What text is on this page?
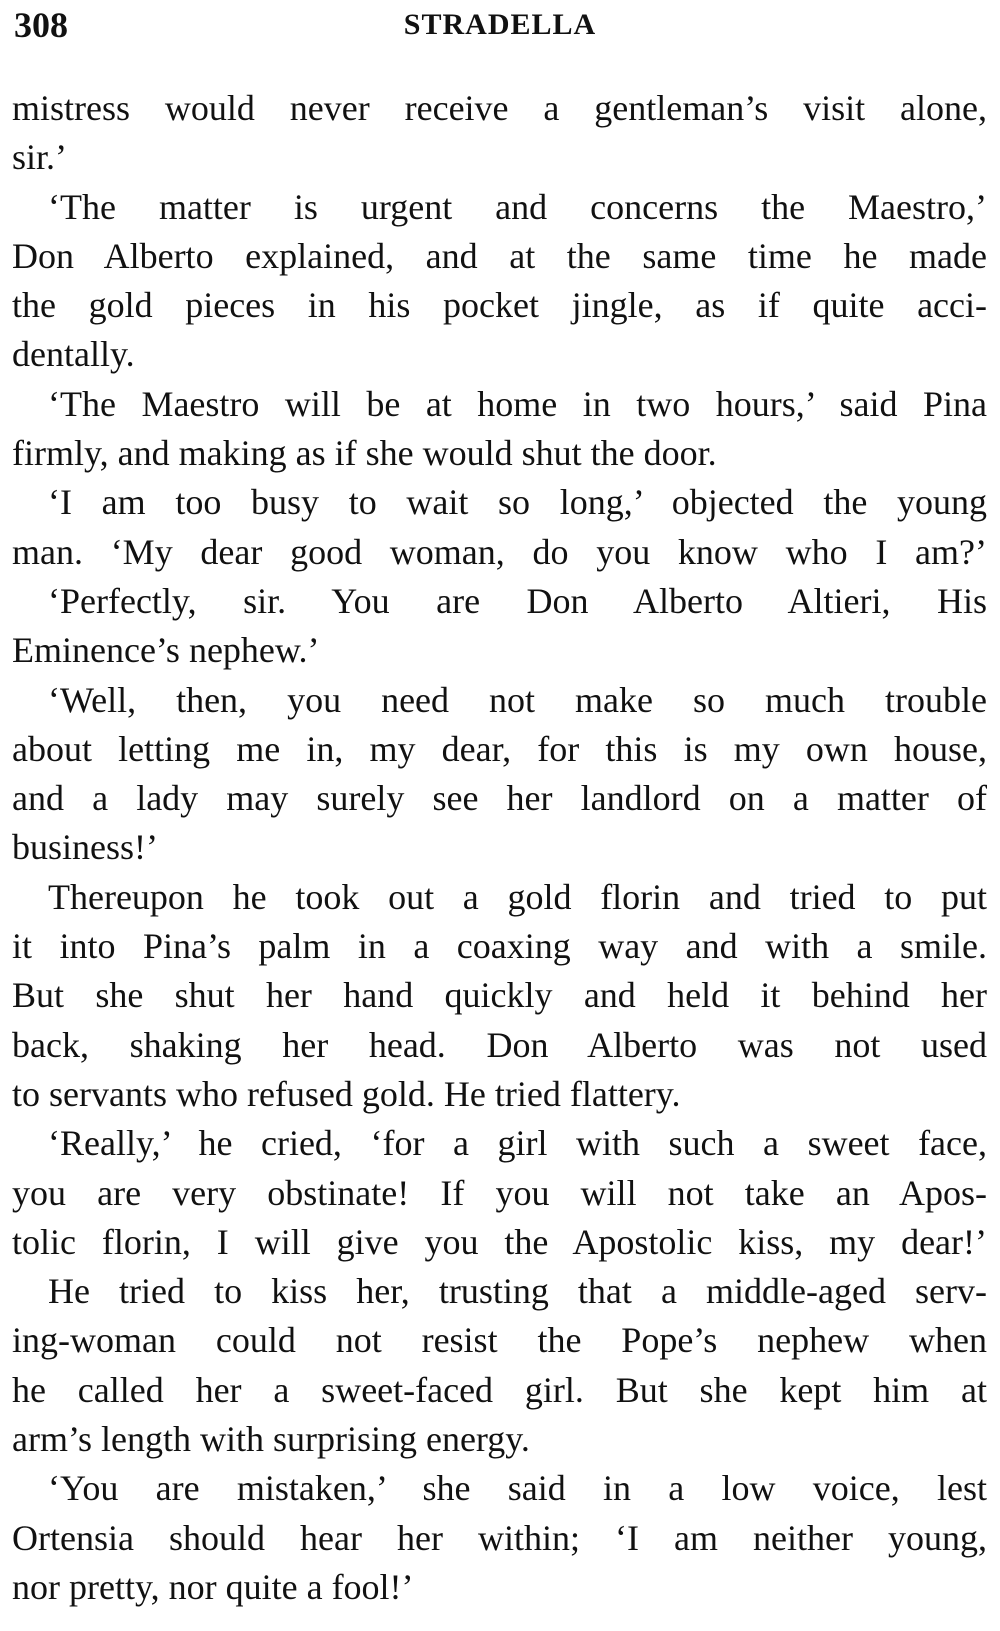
308	STRADELLA
mistress would never receive a gentleman’s visit alone,
sir.’
‘The matter is urgent and concerns the Maestro,’
Don Alberto explained, and at the same time he made
the gold pieces in his pocket jingle, as if quite acci-
dentally.
‘The Maestro will be at home in two hours,’ said Pina
firmly, and making as if she would shut the door.
‘I am too busy to wait so long,’ objected the young
man. ‘My dear good woman, do you know who I am?’
‘Perfectly, sir. You are Don Alberto Altieri, His
Eminence’s nephew.’
‘Well, then, you need not make so much trouble
about letting me in, my dear, for this is my own house,
and a lady may surely see her landlord on a matter of
business!’
Thereupon he took out a gold florin and tried to put
it into Pina’s palm in a coaxing way and with a smile.
But she shut her hand quickly and held it behind her
back, shaking her head. Don Alberto was not used
to servants who refused gold. He tried flattery.
‘Really,’ he cried, ‘for a girl with such a sweet face,
you are very obstinate! If you will not take an Apos-
tolic florin, I will give you the Apostolic kiss, my dear!’
He tried to kiss her, trusting that a middle-aged serv-
ing-woman could not resist the Pope’s nephew when
he called her a sweet-faced girl. But she kept him at
arm’s length with surprising energy.
‘You are mistaken,’ she said in a low voice, lest
Ortensia should hear her within; ‘I am neither young,
nor pretty, nor quite a fool!’
